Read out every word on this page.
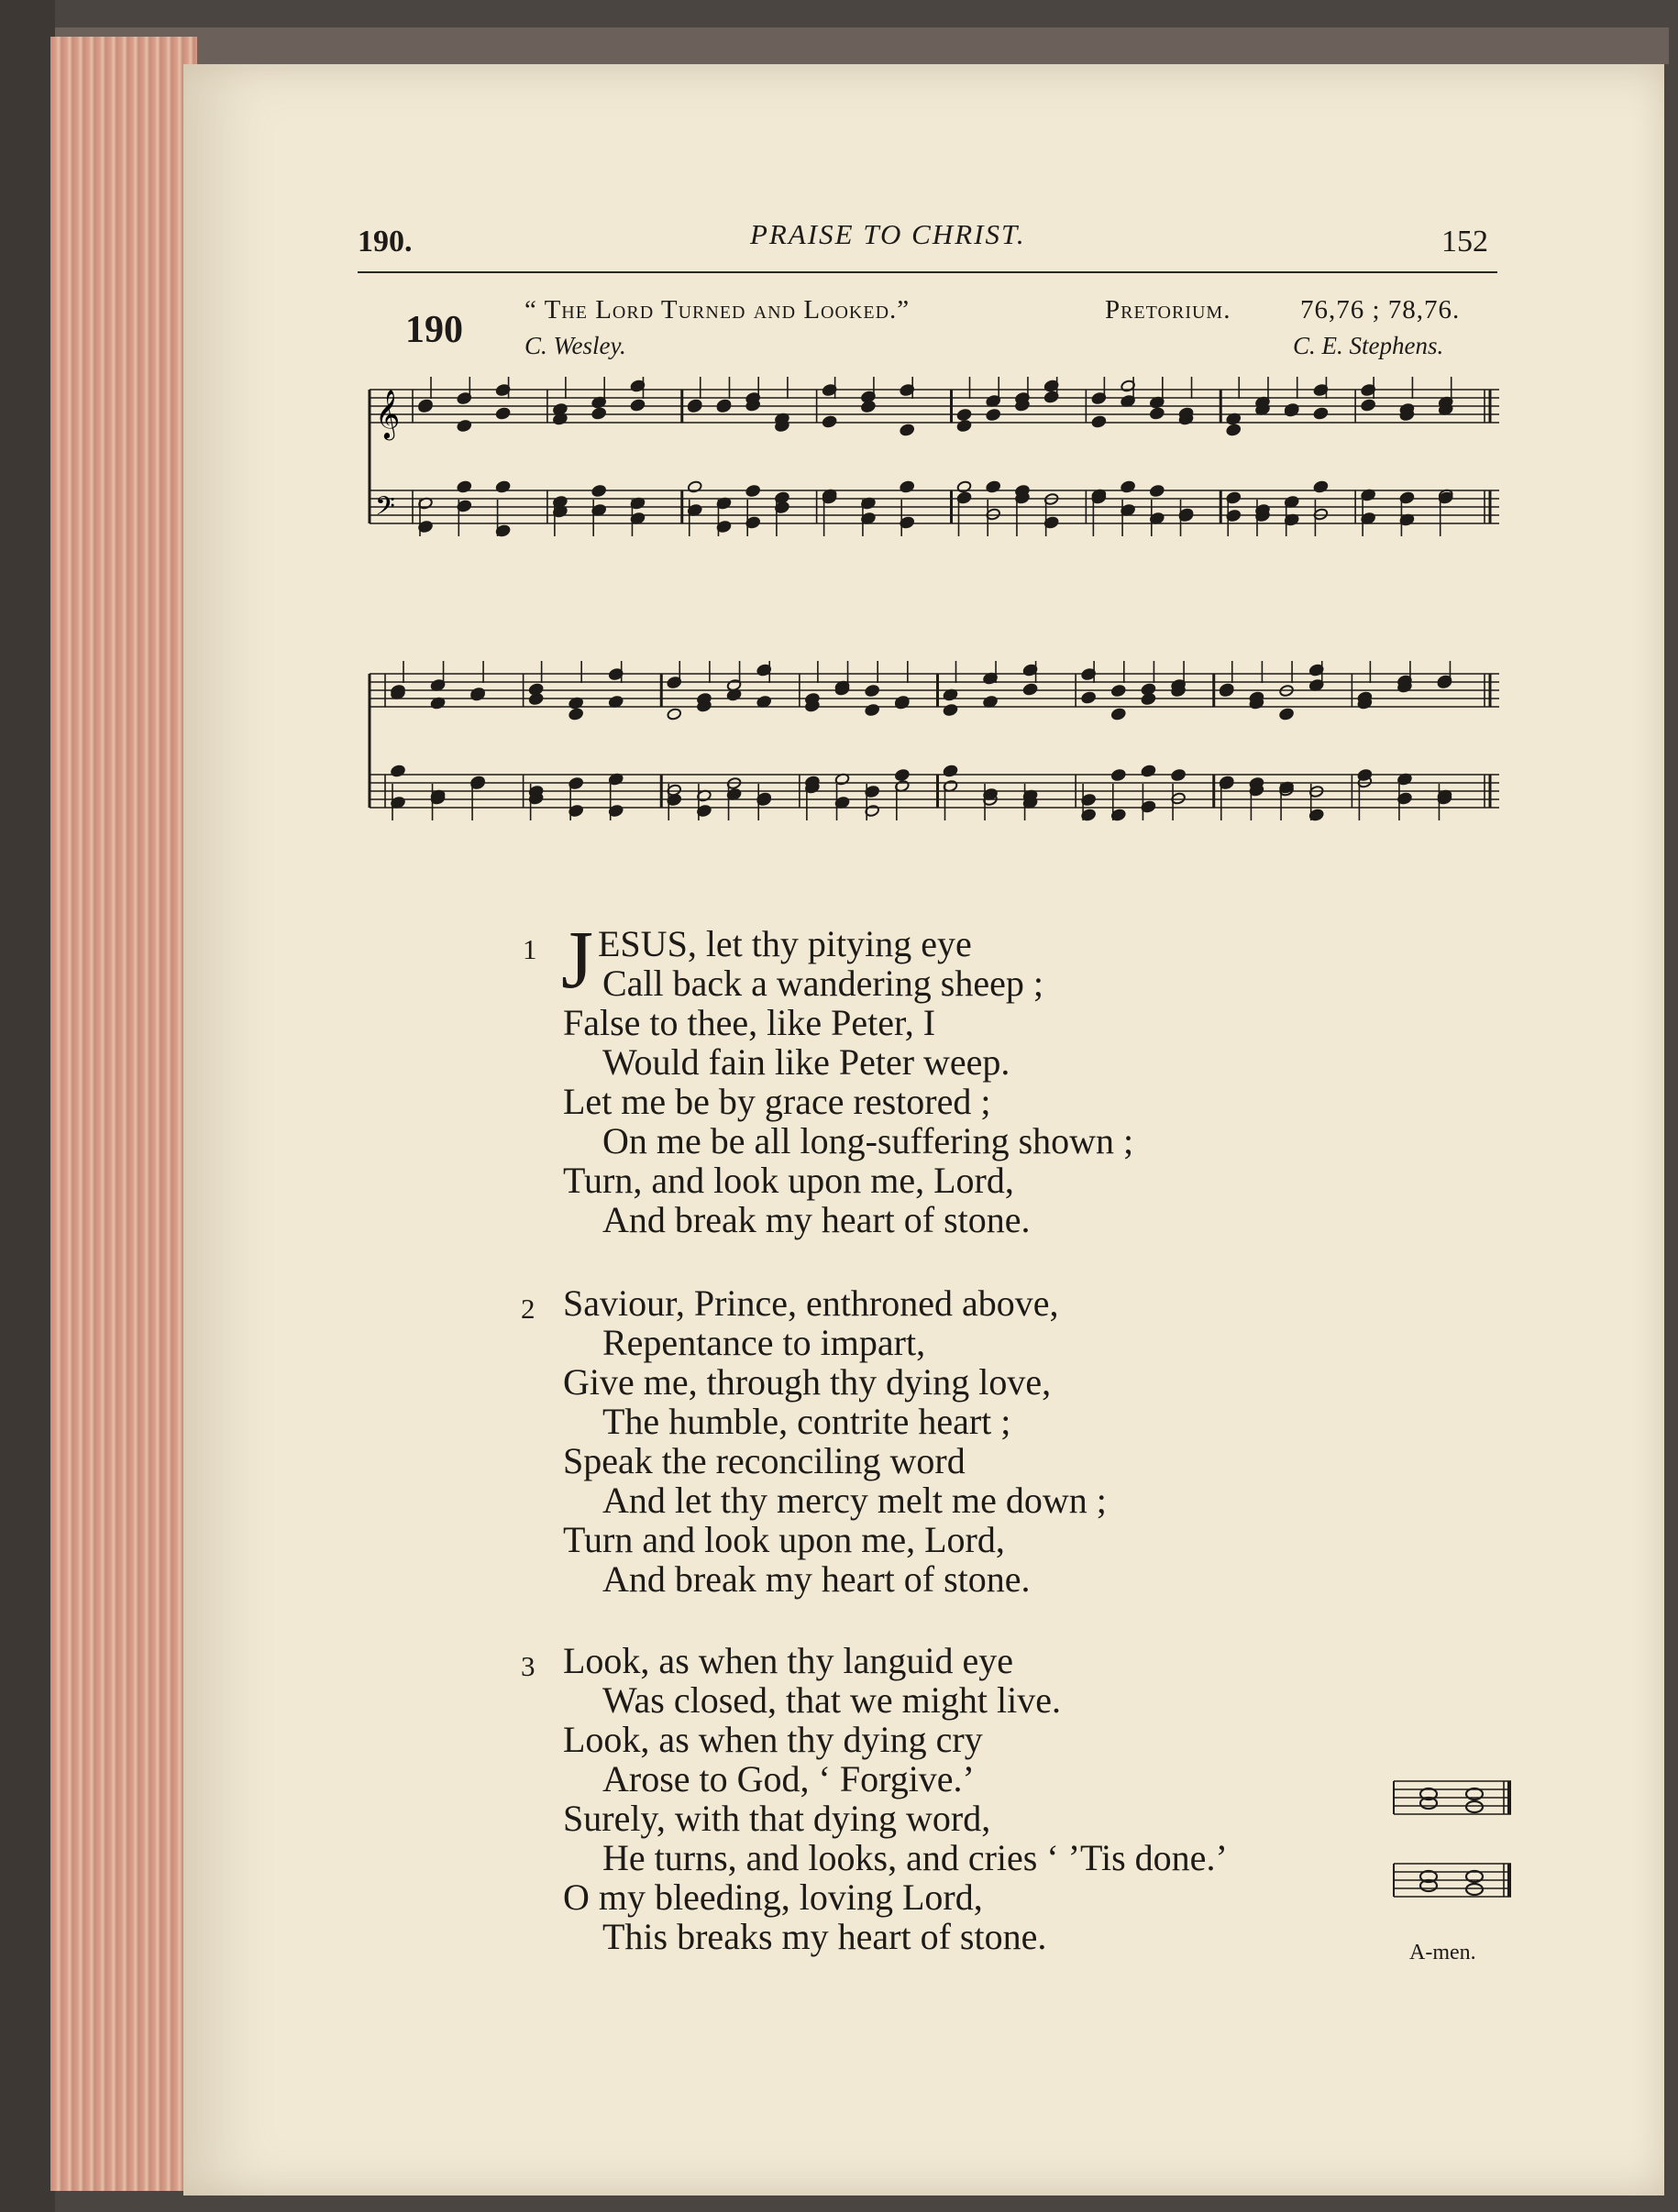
190.	PRAISE TO CHRIST.	152
190 “ The Lord Turned and Looked.”	Pretorium.	76,76 ; 78,76.
C. Wesley.	C. E. Stephens.
𝄞
𝄢
1 J ESUS, let thy pitying eye
Call back a wandering sheep ;
False to thee, like Peter, I
Would fain like Peter weep.
Let me be by grace restored ;
On me be all long-suffering shown ;
Turn, and look upon me, Lord,
And break my heart of stone.
2 Saviour, Prince, enthroned above,
Repentance to impart,
Give me, through thy dying love,
The humble, contrite heart ;
Speak the reconciling word
And let thy mercy melt me down ;
Turn and look upon me, Lord,
And break my heart of stone.
3 Look, as when thy languid eye
Was closed, that we might live.
Look, as when thy dying cry
Arose to God, ‘ Forgive.’
Surely, with that dying word,
He turns, and looks, and cries ‘ ’Tis done.’
O my bleeding, loving Lord,
This breaks my heart of stone.	A-men.
